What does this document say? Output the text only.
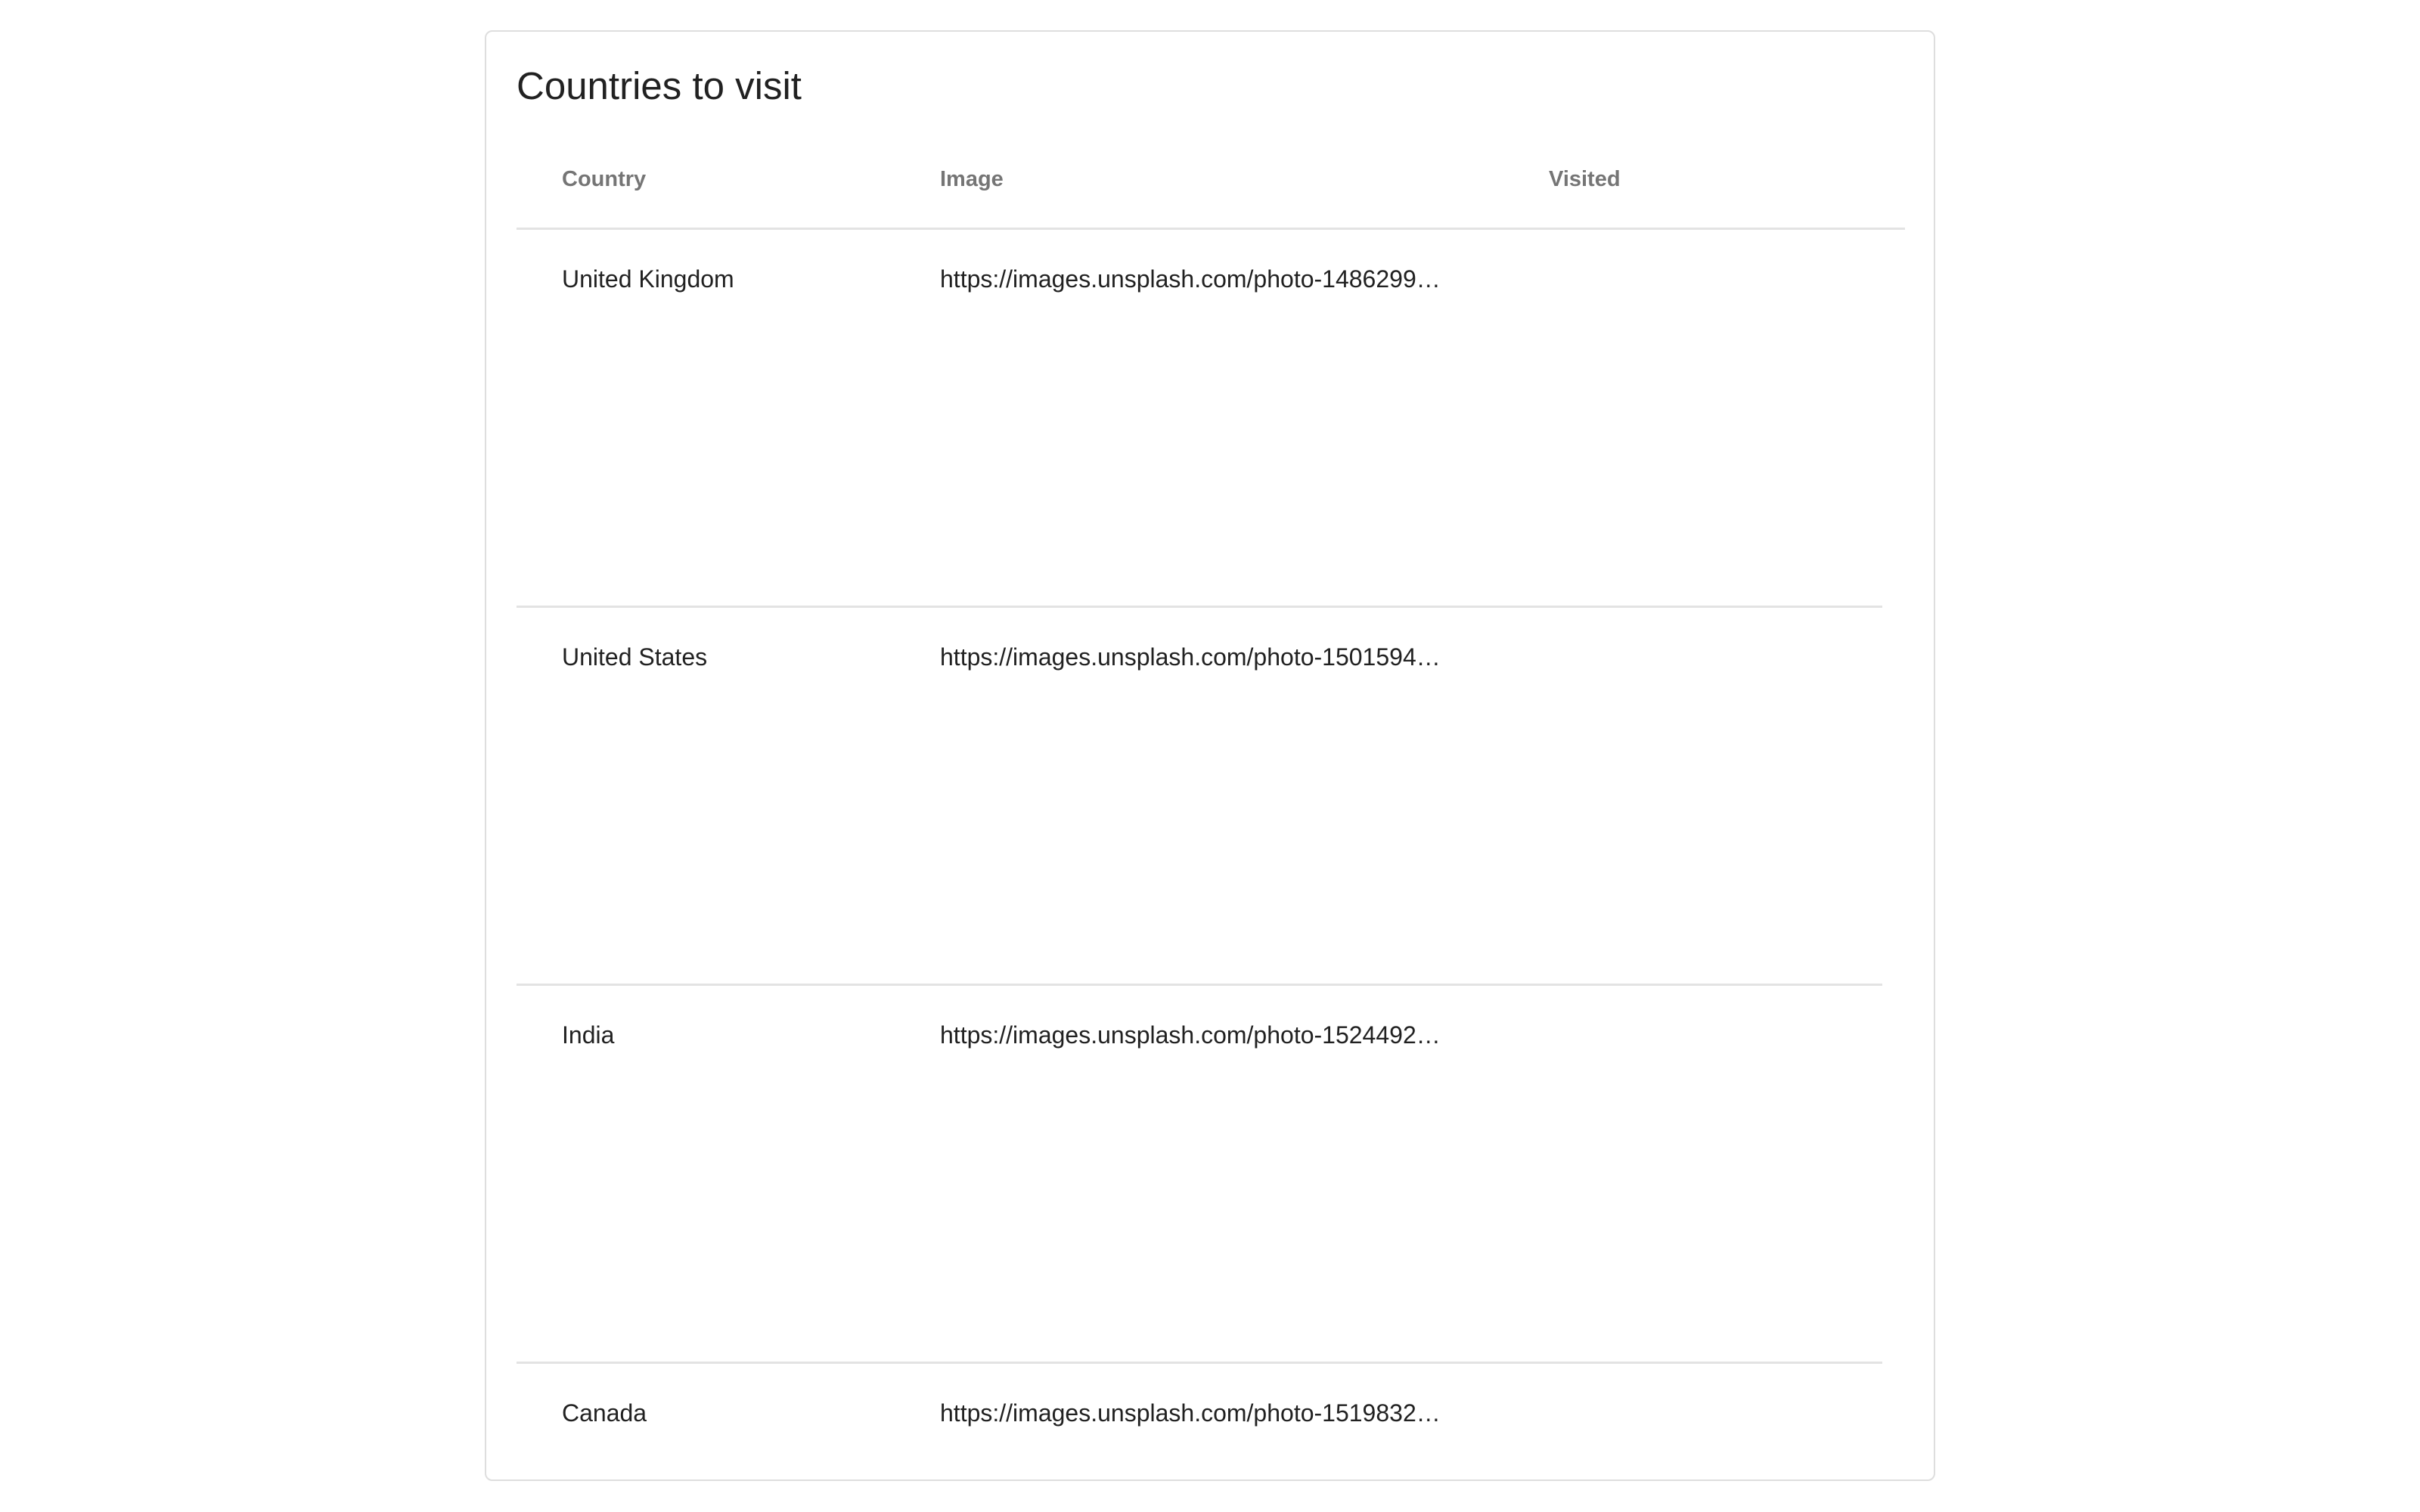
Countries to visit
Country	Image	Visited
United Kingdom	https://images.unsplash.com/photo-1486299…
United States	https://images.unsplash.com/photo-1501594…
India	https://images.unsplash.com/photo-1524492…
Canada	https://images.unsplash.com/photo-1519832…
